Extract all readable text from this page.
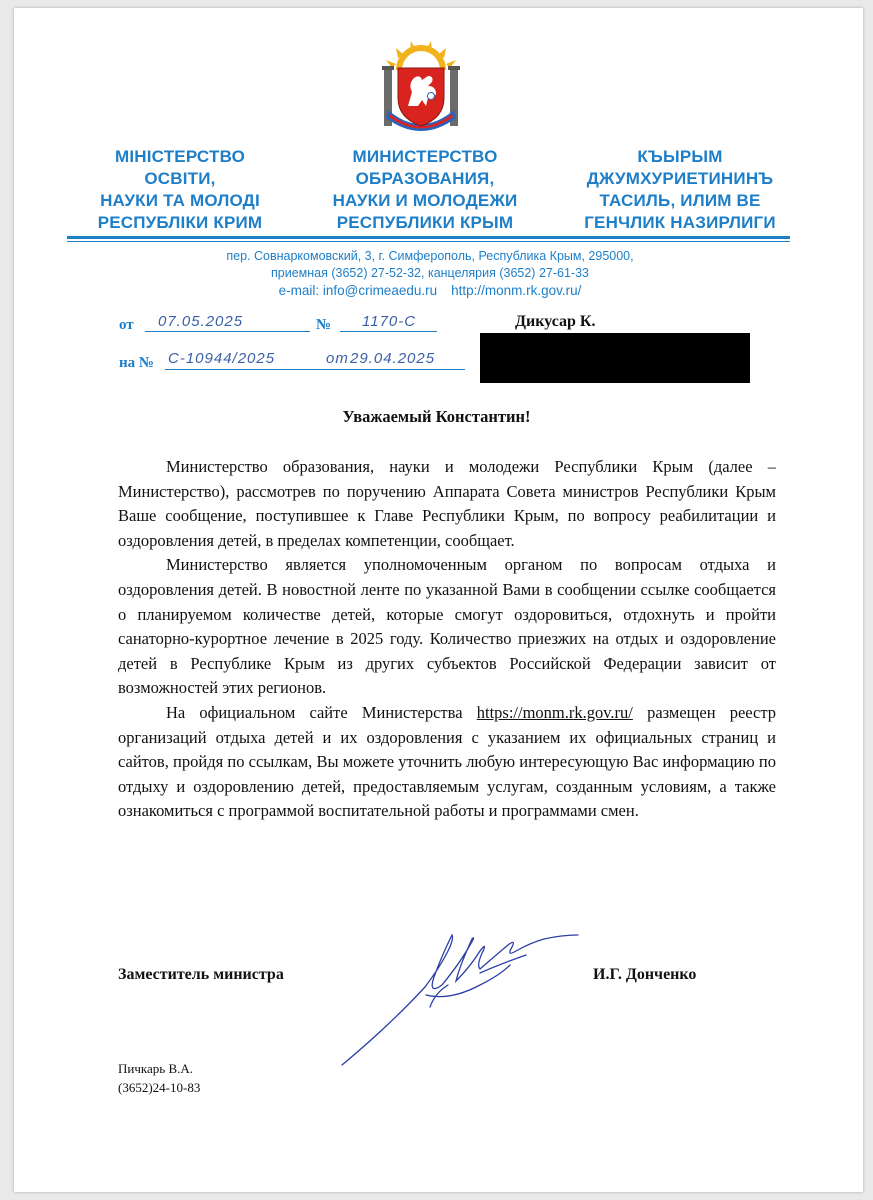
МІНІСТЕРСТВО
ОСВІТИ,
НАУКИ ТА МОЛОДІ
РЕСПУБЛІКИ КРИМ
МИНИСТЕРСТВО
ОБРАЗОВАНИЯ,
НАУКИ И МОЛОДЕЖИ
РЕСПУБЛИКИ КРЫМ
КЪЫРЫМ
ДЖУМХУРИЕТИНИНЪ
ТАСИЛЬ, ИЛИМ ВЕ
ГЕНЧЛИК НАЗИРЛИГИ
пер. Совнаркомовский, 3, г. Симферополь, Республика Крым, 295000,
приемная (3652) 27-52-32, канцелярия (3652) 27-61-33
e-mail: info@crimeaedu.ru http://monm.rk.gov.ru/
от 07.05.2025	№ 1170-С
на № С-10944/2025	от 29.04.2025
Дикусар К.
Уважаемый Константин!

Министерство образования, науки и молодежи Республики Крым (далее – Министерство), рассмотрев по поручению Аппарата Совета министров Республики Крым Ваше сообщение, поступившее к Главе Республики Крым, по вопросу реабилитации и оздоровления детей, в пределах компетенции, сообщает.

Министерство является уполномоченным органом по вопросам отдыха и оздоровления детей. В новостной ленте по указанной Вами в сообщении ссылке сообщается о планируемом количестве детей, которые смогут оздоровиться, отдохнуть и пройти санаторно-курортное лечение в 2025 году. Количество приезжих на отдых и оздоровление детей в Республике Крым из других субъектов Российской Федерации зависит от возможностей этих регионов.

На официальном сайте Министерства https://monm.rk.gov.ru/ размещен реестр организаций отдыха детей и их оздоровления с указанием их официальных страниц и сайтов, пройдя по ссылкам, Вы можете уточнить любую интересующую Вас информацию по отдыху и оздоровлению детей, предоставляемым услугам, созданным условиям, а также ознакомиться с программой воспитательной работы и программами смен.

Заместитель министра	И.Г. Донченко
Пичкарь В.А.
(3652)24-10-83
